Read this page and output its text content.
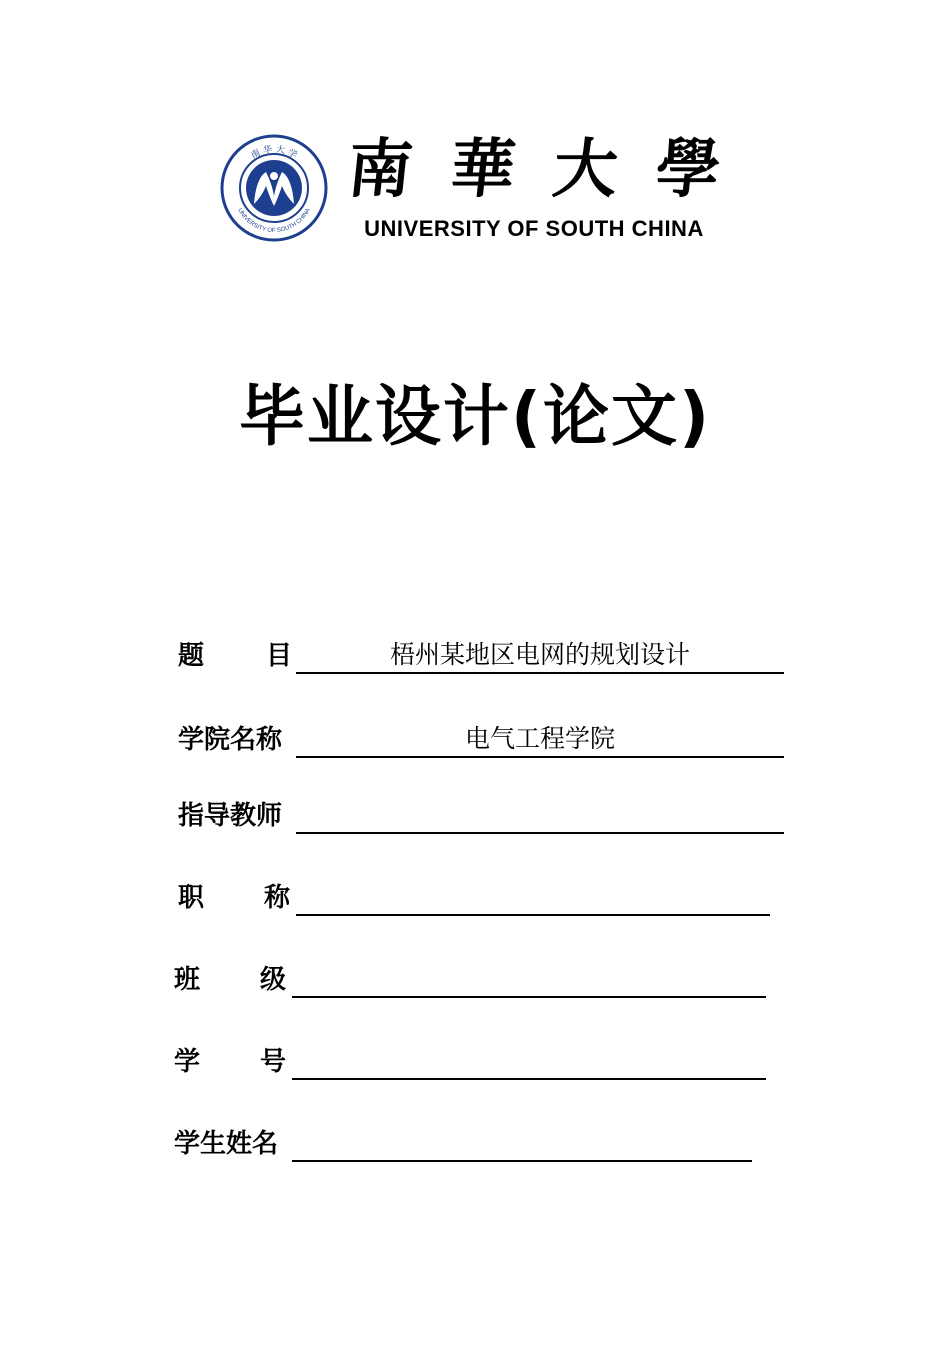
南 华 大 学
UNIVERSITY OF SOUTH CHINA
南 華 大 學
UNIVERSITY OF SOUTH CHINA
毕业设计(论文)
题 目	梧州某地区电网的规划设计
学院名称	电气工程学院
指导教师
职 称
班 级
学 号
学生姓名
